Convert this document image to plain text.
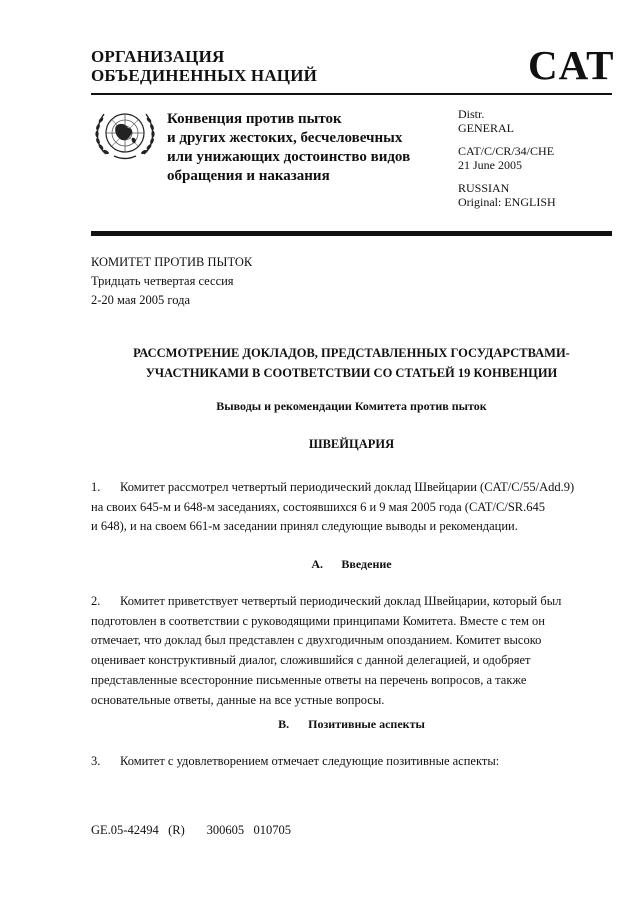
ОРГАНИЗАЦИЯ
ОБЪЕДИНЕННЫХ НАЦИЙ	CAT
Конвенция против пыток
и других жестоких, бесчеловечных
или унижающих достоинство видов
обращения и наказания
Distr.
GENERAL
CAT/C/CR/34/CHE
21 June 2005
RUSSIAN
Original: ENGLISH
КОМИТЕТ ПРОТИВ ПЫТОК
Тридцать четвертая сессия
2-20 мая 2005 года
РАССМОТРЕНИЕ ДОКЛАДОВ, ПРЕДСТАВЛЕННЫХ ГОСУДАРСТВАМИ-
УЧАСТНИКАМИ В СООТВЕТСТВИИ СО СТАТЬЕЙ 19 КОНВЕНЦИИ
Выводы и рекомендации Комитета против пыток
ШВЕЙЦАРИЯ
1. Комитет рассмотрел четвертый периодический доклад Швейцарии (CAT/C/55/Add.9)
на своих 645-м и 648-м заседаниях, состоявшихся 6 и 9 мая 2005 года (CAT/C/SR.645
и 648), и на своем 661-м заседании принял следующие выводы и рекомендации.
A. Введение
2. Комитет приветствует четвертый периодический доклад Швейцарии, который был
подготовлен в соответствии с руководящими принципами Комитета. Вместе с тем он
отмечает, что доклад был представлен с двухгодичным опозданием. Комитет высоко
оценивает конструктивный диалог, сложившийся с данной делегацией, и одобряет
представленные всесторонние письменные ответы на перечень вопросов, а также
основательные ответы, данные на все устные вопросы.
B. Позитивные аспекты
3. Комитет с удовлетворением отмечает следующие позитивные аспекты:
GE.05-42494   (R)       300605   010705
